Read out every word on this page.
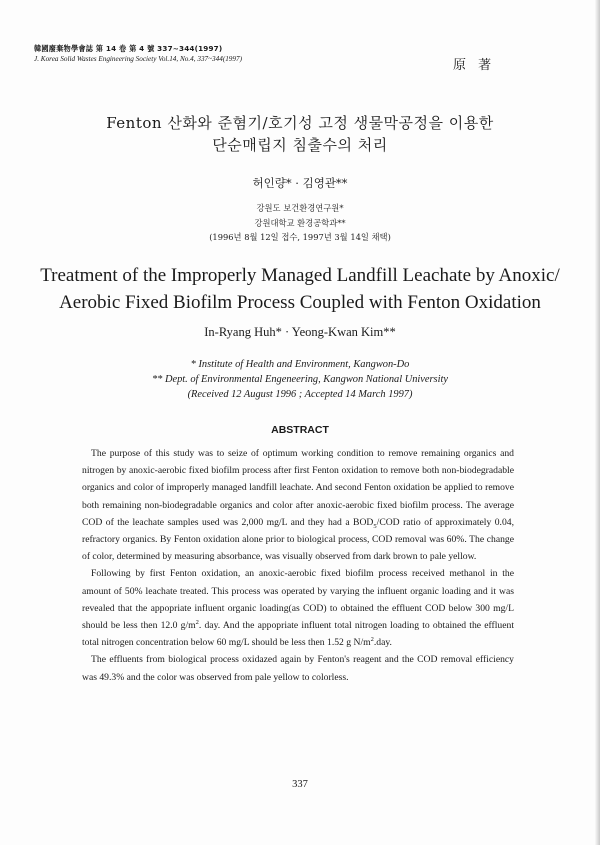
韓國廢棄物學會誌 第 14 卷 第 4 號 337~344(1997)
J. Korea Solid Wastes Engineering Society Vol.14, No.4, 337~344(1997)	原 著
Fenton 산화와 준혐기/호기성 고정 생물막공정을 이용한
단순매립지 침출수의 처리
허인량* · 김영관**
강원도 보건환경연구원*
강원대학교 환경공학과**
(1996년 8월 12일 접수, 1997년 3월 14일 채택)
Treatment of the Improperly Managed Landfill Leachate by Anoxic/
Aerobic Fixed Biofilm Process Coupled with Fenton Oxidation
In-Ryang Huh* · Yeong-Kwan Kim**
* Institute of Health and Environment, Kangwon-Do
** Dept. of Environmental Engeneering, Kangwon National University
(Received 12 August 1996 ; Accepted 14 March 1997)
ABSTRACT

The purpose of this study was to seize of optimum working condition to remove remaining organics and nitrogen by anoxic-aerobic fixed biofilm process after first Fenton oxidation to remove both non-biodegradable organics and color of improperly managed landfill leachate. And second Fenton oxidation be applied to remove both remaining non-biodegradable organics and color after anoxic-aerobic fixed biofilm process. The average COD of the leachate samples used was 2,000 mg/L and they had a $BOD_5$/COD ratio of approximately 0.04, refractory organics. By Fenton oxidation alone prior to biological process, COD removal was 60%. The change of color, determined by measuring absorbance, was visually observed from dark brown to pale yellow.

Following by first Fenton oxidation, an anoxic-aerobic fixed biofilm process received methanol in the amount of 50% leachate treated. This process was operated by varying the influent organic loading and it was revealed that the appopriate influent organic loading(as COD) to obtained the effluent COD below 300 mg/L should be less then 12.0 $g/m^2$. day. And the appopriate influent total nitrogen loading to obtained the effluent total nitrogen concentration below 60 mg/L should be less then 1.52 g $N/m^2.day$.

The effluents from biological process oxidazed again by Fenton's reagent and the COD removal efficiency was 49.3% and the color was observed from pale yellow to colorless.

337
